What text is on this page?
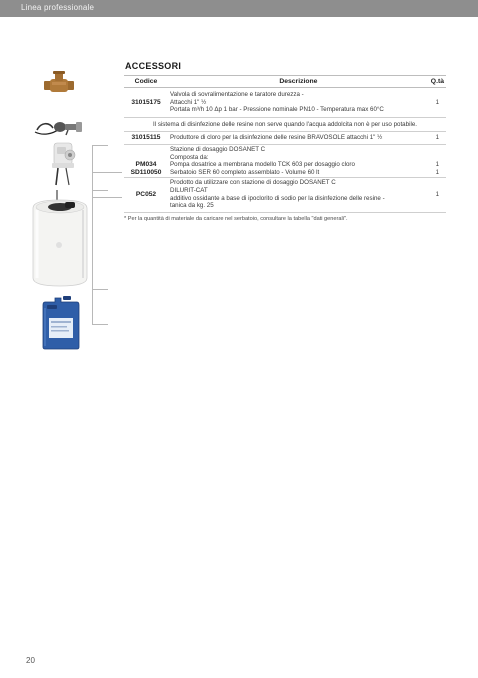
Linea professionale
ACCESSORI
Codice	Descrizione	Q.tà
31015175	Valvola di sovralimentazione e taratore durezza -
Attacchi 1" ½
Portata m³/h 10 Δp 1 bar - Pressione nominale PN10 - Temperatura max 60°C	1
Il sistema di disinfezione delle resine non serve quando l'acqua addolcita non è per uso potabile.		
31015115	Produttore di cloro per la disinfezione delle resine BRAVOSOLE attacchi 1" ½	1

	Stazione di dosaggio DOSANET C
Composta da:	

PM034	Pompa dosatrice a membrana modello TCK 603 per dosaggio cloro	1
SD110050	Serbatoio SER 60 completo assemblato - Volume 60 lt	1
PC052	Prodotto da utilizzare con stazione di dosaggio DOSANET C
DILURIT-CAT
additivo ossidante a base di ipoclorito di sodio per la disinfezione delle resine -
tanica da kg. 25	1
* Per la quantità di materiale da caricare nel serbatoio, consultare la tabella "dati generali".
20
